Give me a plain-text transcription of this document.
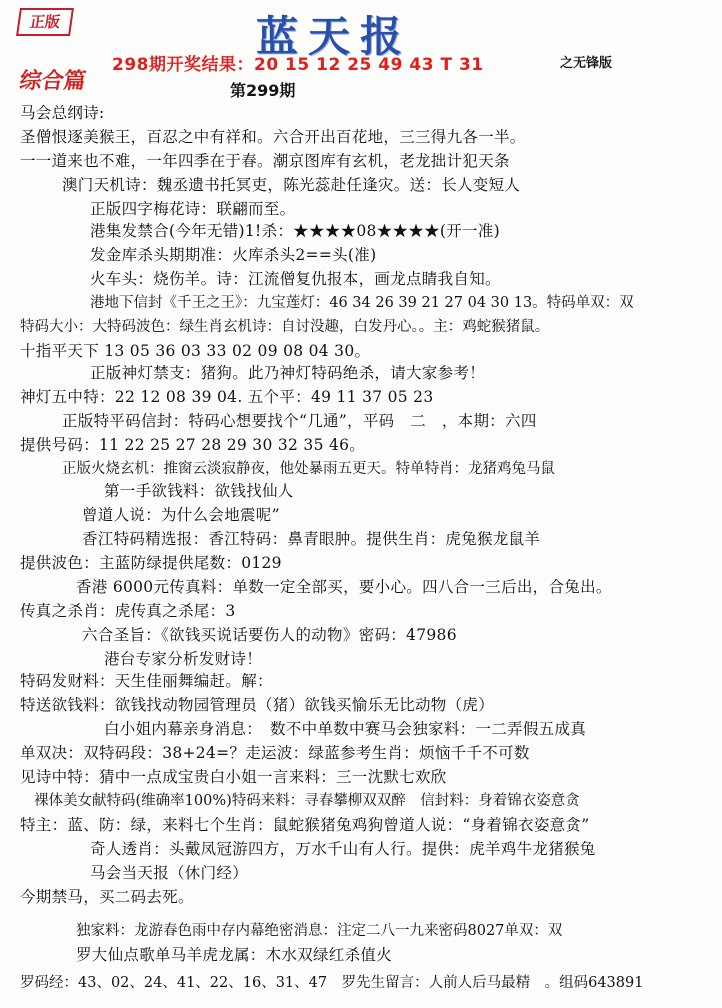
正版	蓝天报
298期开奖结果：20 15 12 25 49 43 T 31	之无锋版
综合篇	第299期
马会总纲诗:
圣僧恨逐美猴王，百忍之中有祥和。六合开出百花地，三三得九各一半。
一一道来也不难，一年四季在于春。潮京图库有玄机，老龙拙计犯天条
澳门天机诗：魏丞遗书托冥吏，陈光蕊赴任逢灾。送：长人变短人
正版四字梅花诗：联翩而至。
港集发禁合(今年无错)1!杀：★★★★08★★★★(开一准)
发金库杀头期期准：火库杀头2==头(准)
火车头：烧伤羊。诗：江流僧复仇报本，画龙点睛我自知。
港地下信封《千王之王》：九宝莲灯：46 34 26 39 21 27 04 30 13。特码单双：双
特码大小：大特码波色：绿生肖玄机诗：自讨没趣，白发丹心。。主：鸡蛇猴猪鼠。
十指平天下 13 05 36 03 33 02 09 08 04 30。
正版神灯禁支：猪狗。此乃神灯特码绝杀，请大家参考！
神灯五中特：22 12 08 39 04. 五个平：49 11 37 05 23
正版特平码信封：特码心想要找个“几通”，平码　二　，本期：六四
提供号码：11 22 25 27 28 29 30 32 35 46。
正版火烧玄机：推窗云淡寂静夜，他处暴雨五更天。特单特肖：龙猪鸡兔马鼠
第一手欲钱料：欲钱找仙人
曾道人说：为什么会地震呢”
香江特码精选报：香江特码：鼻青眼肿。提供生肖：虎兔猴龙鼠羊
提供波色：主蓝防绿提供尾数：0129
香港 6000元传真料：单数一定全部买，要小心。四八合一三后出，合兔出。
传真之杀肖：虎传真之杀尾：3
六合圣旨：《欲钱买说话要伤人的动物》密码：47986
港台专家分析发财诗！
特码发财料：天生佳丽舞编赶。解：
特送欲钱料：欲钱找动物园管理员（猪）欲钱买愉乐无比动物（虎）
白小姐内幕亲身消息：　数不中单数中赛马会独家料：一二弄假五成真
单双决：双特码段：38+24=？走运波：绿蓝参考生肖：烦恼千千不可数
见诗中特：猜中一点成宝贵白小姐一言来料：三一沈默七欢欣
裸体美女献特码(维确率100%)特码来料：寻春攀柳双双醉　信封料：身着锦衣姿意贪
特主：蓝、防：绿，来料七个生肖：鼠蛇猴猪兔鸡狗曾道人说：“身着锦衣姿意贪”
奇人透肖：头戴凤冠游四方，万水千山有人行。提供：虎羊鸡牛龙猪猴兔
马会当天报（休门经）
今期禁马，买二码去死。
独家料：龙游春色雨中存内幕绝密消息：注定二八一九来密码8027单双：双
罗大仙点歌单马羊虎龙属：木水双绿红杀值火
罗码经：43、02、24、41、22、16、31、47　罗先生留言：人前人后马最精　。组码643891
